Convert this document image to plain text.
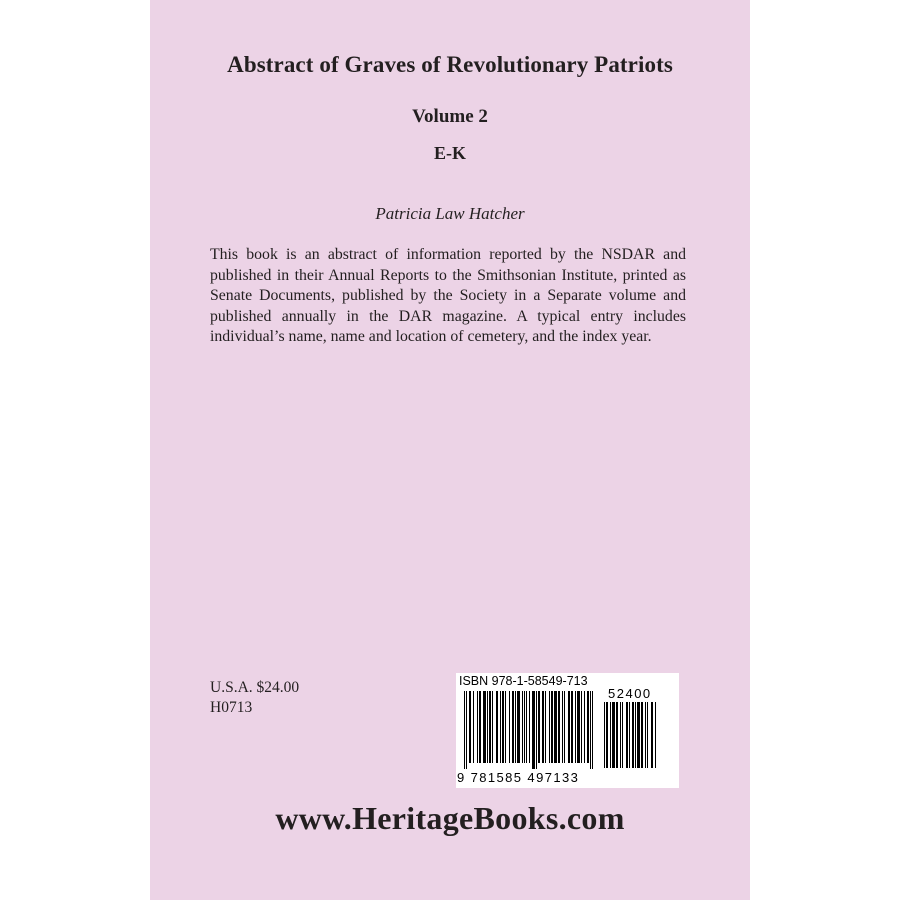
Abstract of Graves of Revolutionary Patriots
Volume 2
E-K
Patricia Law Hatcher

This book is an abstract of information reported by the NSDAR and published in their Annual Reports to the Smithsonian Institute, printed as Senate Documents, published by the Society in a Separate volume and published annually in the DAR magazine. A typical entry includes individual’s name, name and location of cemetery, and the index year.

U.S.A. $24.00
H0713
ISBN 978-1-58549-713
52400
9 781585 497133
www.HeritageBooks.com
